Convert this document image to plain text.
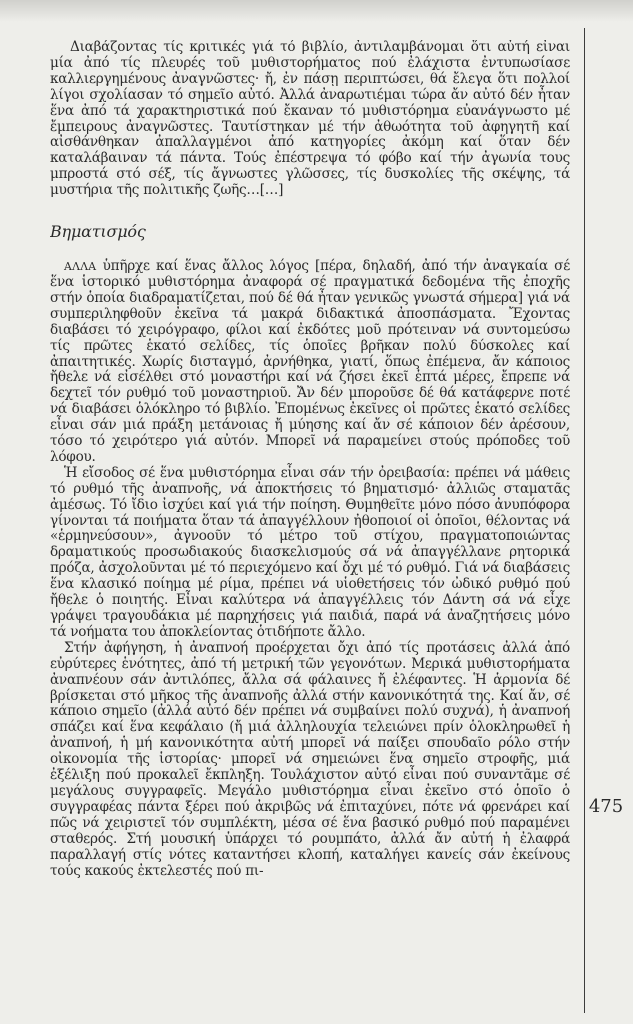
Διαβάζοντας τίς κριτικές γιά τό βιβλίο, ἀντιλαμβάνομαι ὅτι αὐτή εἶναι μία ἀπό τίς πλευρές τοῦ μυθιστορήματος πού ἐλάχιστα ἐντυπωσίασε καλλιεργημένους ἀναγνῶστες· ἤ, ἐν πάσῃ περιπτώσει, θά ἔλεγα ὅτι πολλοί λίγοι σχολίασαν τό σημεῖο αὐτό. Ἀλλά ἀναρωτιέμαι τώρα ἄν αὐτό δέν ἦταν ἕνα ἀπό τά χαρακτηριστικά πού ἔκαναν τό μυθιστόρημα εὐανάγνωστο μέ ἔμπειρους ἀναγνῶστες. Ταυτίστηκαν μέ τήν ἀθωότητα τοῦ ἀφηγητῆ καί αἰσθάνθηκαν ἀπαλλαγμένοι ἀπό κατηγορίες ἀκόμη καί ὅταν δέν καταλάβαιναν τά πάντα. Τούς ἐπέστρεψα τό φόβο καί τήν ἀγωνία τους μπροστά στό σέξ, τίς ἄγνωστες γλῶσσες, τίς δυσκολίες τῆς σκέψης, τά μυστήρια τῆς πολιτικῆς ζωῆς…[…]

Βηματισμός

ΑΛΛΑ ὑπῆρχε καί ἕνας ἄλλος λόγος [πέρα, δηλαδή, ἀπό τήν ἀναγκαία σέ ἕνα ἱστορικό μυθιστόρημα ἀναφορά σέ πραγματικά δεδομένα τῆς ἐποχῆς στήν ὁποία διαδραματίζεται, πού δέ θά ἦταν γενικῶς γνωστά σήμερα] γιά νά συμπεριληφθοῦν ἐκεῖνα τά μακρά διδακτικά ἀποσπάσματα. Ἔχοντας διαβάσει τό χειρόγραφο, φίλοι καί ἐκδότες μοῦ πρότειναν νά συντομεύσω τίς πρῶτες ἑκατό σελίδες, τίς ὁποῖες βρῆκαν πολύ δύσκολες καί ἀπαιτητικές. Χωρίς δισταγμό, ἀρνήθηκα, γιατί, ὅπως ἐπέμενα, ἄν κάποιος ἤθελε νά εἰσέλθει στό μοναστήρι καί νά ζήσει ἐκεῖ ἑπτά μέρες, ἔπρεπε νά δεχτεῖ τόν ρυθμό τοῦ μοναστηριοῦ. Ἄν δέν μποροῦσε δέ θά κατάφερνε ποτέ νά διαβάσει ὁλόκληρο τό βιβλίο. Ἐπομένως ἐκεῖνες οἱ πρῶτες ἑκατό σελίδες εἶναι σάν μιά πράξη μετάνοιας ἤ μύησης καί ἄν σέ κάποιον δέν ἀρέσουν, τόσο τό χειρότερο γιά αὐτόν. Μπορεῖ νά παραμείνει στούς πρόποδες τοῦ λόφου.

Ἡ εἴσοδος σέ ἕνα μυθιστόρημα εἶναι σάν τήν ὀρειβασία: πρέπει νά μάθεις τό ρυθμό τῆς ἀναπνοῆς, νά ἀποκτήσεις τό βηματισμό· ἀλλιῶς σταματᾶς ἀμέσως. Τό ἴδιο ἰσχύει καί γιά τήν ποίηση. Θυμηθεῖτε μόνο πόσο ἀνυπόφορα γίνονται τά ποιήματα ὅταν τά ἀπαγγέλλουν ἠθοποιοί οἱ ὁποῖοι, θέλοντας νά «ἑρμηνεύσουν», ἀγνοοῦν τό μέτρο τοῦ στίχου, πραγματοποιώντας δραματικούς προσωδιακούς διασκελισμούς σά νά ἀπαγγέλλανε ρητορικά πρόζα, ἀσχολοῦνται μέ τό περιεχόμενο καί ὄχι μέ τό ρυθμό. Γιά νά διαβάσεις ἕνα κλασικό ποίημα μέ ρίμα, πρέπει νά υἱοθετήσεις τόν ὠδικό ρυθμό πού ἤθελε ὁ ποιητής. Εἶναι καλύτερα νά ἀπαγγέλλεις τόν Δάντη σά νά εἶχε γράψει τραγουδάκια μέ παρηχήσεις γιά παιδιά, παρά νά ἀναζητήσεις μόνο τά νοήματα του ἀποκλείοντας ὁτιδήποτε ἄλλο.

Στήν ἀφήγηση, ἡ ἀναπνοή προέρχεται ὄχι ἀπό τίς προτάσεις ἀλλά ἀπό εὐρύτερες ἑνότητες, ἀπό τή μετρική τῶν γεγονότων. Μερικά μυθιστορήματα ἀναπνέουν σάν ἀντιλόπες, ἄλλα σά φάλαινες ἤ ἐλέφαντες. Ἡ ἁρμονία δέ βρίσκεται στό μῆκος τῆς ἀναπνοῆς ἀλλά στήν κανονικότητά της. Καί ἄν, σέ κάποιο σημεῖο (ἀλλά αὐτό δέν πρέπει νά συμβαίνει πολύ συχνά), ἡ ἀναπνοή σπάζει καί ἕνα κεφάλαιο (ἤ μιά ἀλληλουχία τελειώνει πρίν ὁλοκληρωθεῖ ἡ ἀναπνοή, ἡ μή κανονικότητα αὐτή μπορεῖ νά παίξει σπουδαῖο ρόλο στήν οἰκονομία τῆς ἱστορίας· μπορεῖ νά σημειώνει ἕνα σημεῖο στροφῆς, μιά ἐξέλιξη πού προκαλεῖ ἔκπληξη. Τουλάχιστον αὐτό εἶναι πού συναντᾶμε σέ μεγάλους συγγραφεῖς. Μεγάλο μυθιστόρημα εἶναι ἐκεῖνο στό ὁποῖο ὁ συγγραφέας πάντα ξέρει πού ἀκριβῶς νά ἐπιταχύνει, πότε νά φρενάρει καί πῶς νά χειριστεῖ τόν συμπλέκτη, μέσα σέ ἕνα βασικό ρυθμό πού παραμένει σταθερός. Στή μουσική ὑπάρχει τό ρουμπάτο, ἀλλά ἄν αὐτή ἡ ἐλαφρά παραλλαγή στίς νότες καταντήσει κλοπή, καταλήγει κανείς σάν ἐκείνους τούς κακούς ἐκτελεστές πού πι-

475
